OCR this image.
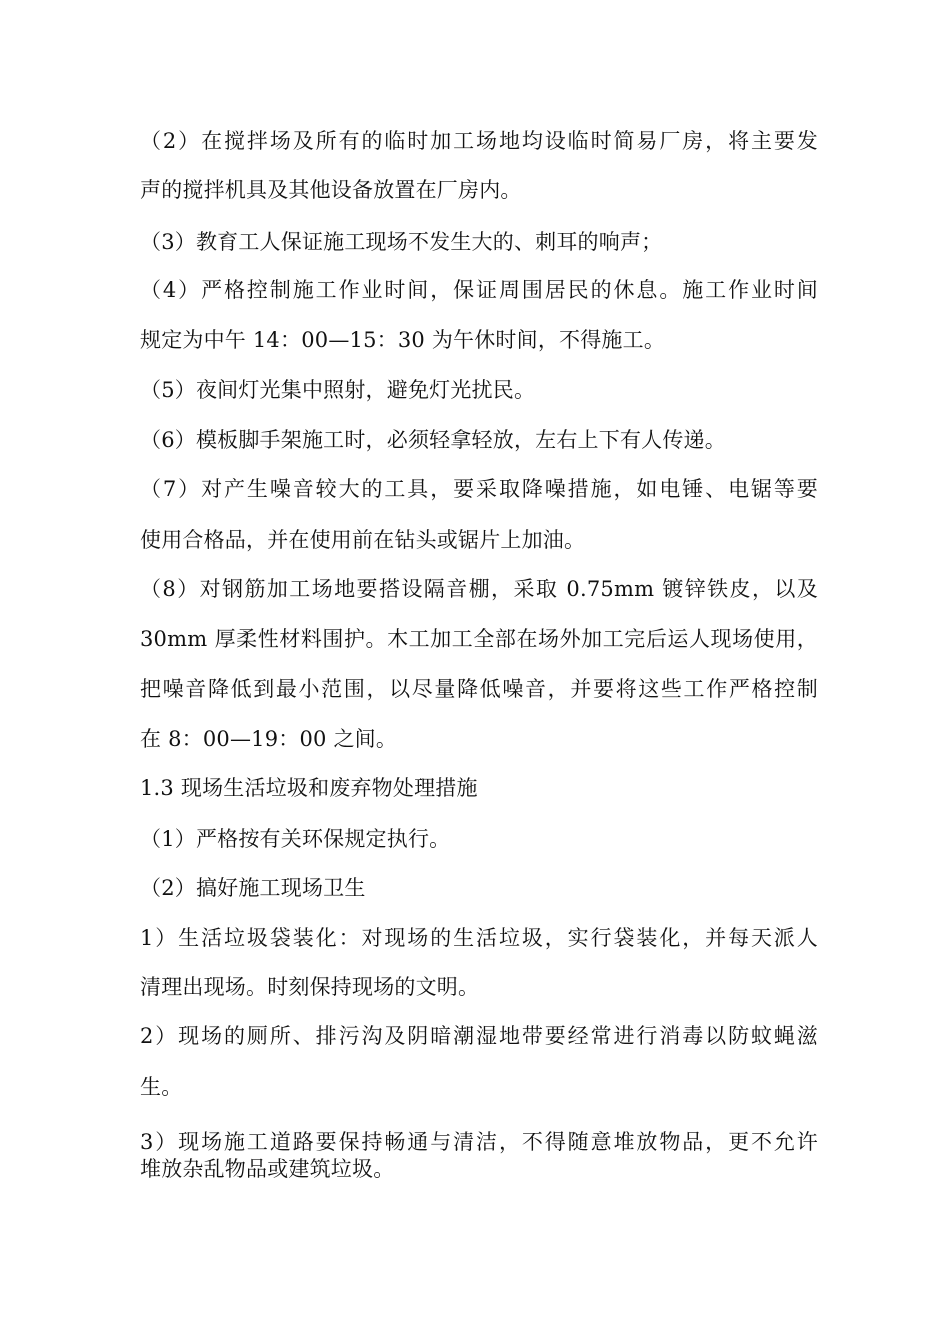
（2）在搅拌场及所有的临时加工场地均设临时简易厂房，将主要发
声的搅拌机具及其他设备放置在厂房内。
（3）教育工人保证施工现场不发生大的、刺耳的响声；
（4）严格控制施工作业时间，保证周围居民的休息。施工作业时间
规定为中午 14：00—15：30 为午休时间，不得施工。
（5）夜间灯光集中照射，避免灯光扰民。
（6）模板脚手架施工时，必须轻拿轻放，左右上下有人传递。
（7）对产生噪音较大的工具，要采取降噪措施，如电锤、电锯等要
使用合格品，并在使用前在钻头或锯片上加油。
（8）对钢筋加工场地要搭设隔音棚，采取 0.75mm 镀锌铁皮，以及
30mm 厚柔性材料围护。木工加工全部在场外加工完后运人现场使用，
把噪音降低到最小范围，以尽量降低噪音，并要将这些工作严格控制
在 8：00—19：00 之间。
1.3 现场生活垃圾和废弃物处理措施
（1）严格按有关环保规定执行。
（2）搞好施工现场卫生
1）生活垃圾袋装化：对现场的生活垃圾，实行袋装化，并每天派人
清理出现场。时刻保持现场的文明。
2）现场的厕所、排污沟及阴暗潮湿地带要经常进行消毒以防蚊蝇滋
生。
3）现场施工道路要保持畅通与清洁，不得随意堆放物品，更不允许
堆放杂乱物品或建筑垃圾。
